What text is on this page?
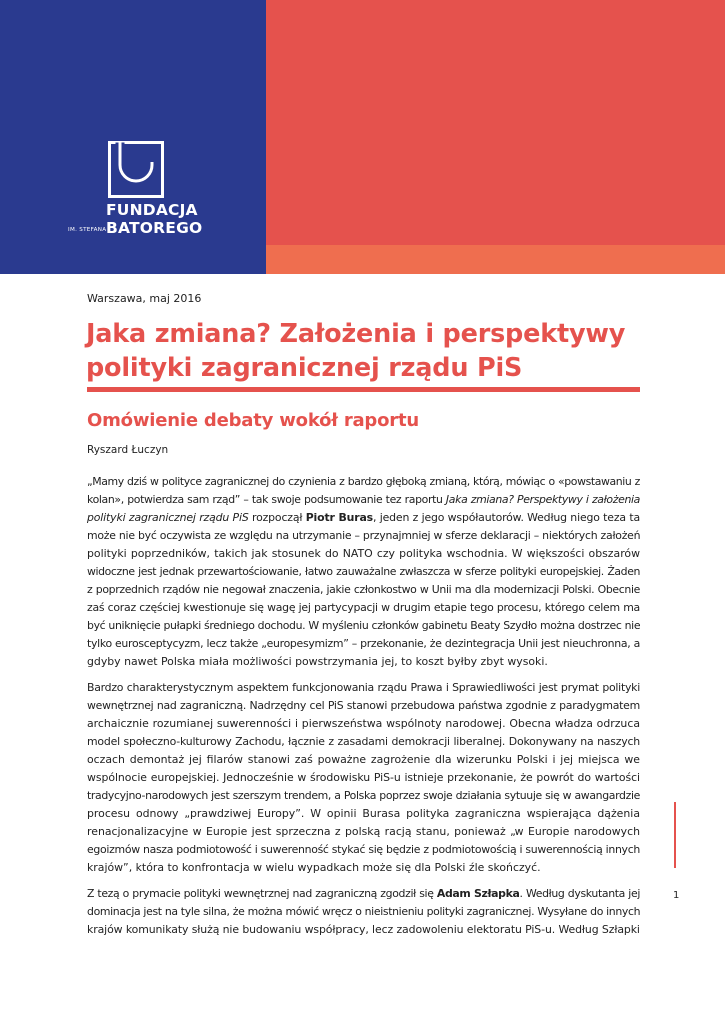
FUNDACJA
BATOREGO
IM. STEFANA
Warszawa, maj 2016
Jaka zmiana? Założenia i perspektywy
polityki zagranicznej rządu PiS
Omówienie debaty wokół raportu
Ryszard Łuczyn

„Mamy dziś w polityce zagranicznej do czynienia z bardzo głęboką zmianą, którą, mówiąc o «powstawaniu z
kolan», potwierdza sam rząd” – tak swoje podsumowanie tez raportu Jaka zmiana? Perspektywy i założenia
polityki zagranicznej rządu PiS rozpoczął Piotr Buras, jeden z jego współautorów. Według niego teza ta
może nie być oczywista ze względu na utrzymanie – przynajmniej w sferze deklaracji – niektórych założeń
polityki poprzedników, takich jak stosunek do NATO czy polityka wschodnia. W większości obszarów
widoczne jest jednak przewartościowanie, łatwo zauważalne zwłaszcza w sferze polityki europejskiej. Żaden
z poprzednich rządów nie negował znaczenia, jakie członkostwo w Unii ma dla modernizacji Polski. Obecnie
zaś coraz częściej kwestionuje się wagę jej partycypacji w drugim etapie tego procesu, którego celem ma
być uniknięcie pułapki średniego dochodu. W myśleniu członków gabinetu Beaty Szydło można dostrzec nie
tylko eurosceptycyzm, lecz także „europesymizm” – przekonanie, że dezintegracja Unii jest nieuchronna, a
gdyby nawet Polska miała możliwości powstrzymania jej, to koszt byłby zbyt wysoki.

Bardzo charakterystycznym aspektem funkcjonowania rządu Prawa i Sprawiedliwości jest prymat polityki
wewnętrznej nad zagraniczną. Nadrzędny cel PiS stanowi przebudowa państwa zgodnie z paradygmatem
archaicznie rozumianej suwerenności i pierwszeństwa wspólnoty narodowej. Obecna władza odrzuca
model społeczno-kulturowy Zachodu, łącznie z zasadami demokracji liberalnej. Dokonywany na naszych
oczach demontaż jej filarów stanowi zaś poważne zagrożenie dla wizerunku Polski i jej miejsca we
wspólnocie europejskiej. Jednocześnie w środowisku PiS-u istnieje przekonanie, że powrót do wartości
tradycyjno-narodowych jest szerszym trendem, a Polska poprzez swoje działania sytuuje się w awangardzie
procesu odnowy „prawdziwej Europy”. W opinii Burasa polityka zagraniczna wspierająca dążenia
renacjonalizacyjne w Europie jest sprzeczna z polską racją stanu, ponieważ „w Europie narodowych
egoizmów nasza podmiotowość i suwerenność stykać się będzie z podmiotowością i suwerennością innych
krajów”, która to konfrontacja w wielu wypadkach może się dla Polski źle skończyć.

Z tezą o prymacie polityki wewnętrznej nad zagraniczną zgodził się Adam Szłapka. Według dyskutanta jej
dominacja jest na tyle silna, że można mówić wręcz o nieistnieniu polityki zagranicznej. Wysyłane do innych
krajów komunikaty służą nie budowaniu współpracy, lecz zadowoleniu elektoratu PiS-u. Według Szłapki

1
